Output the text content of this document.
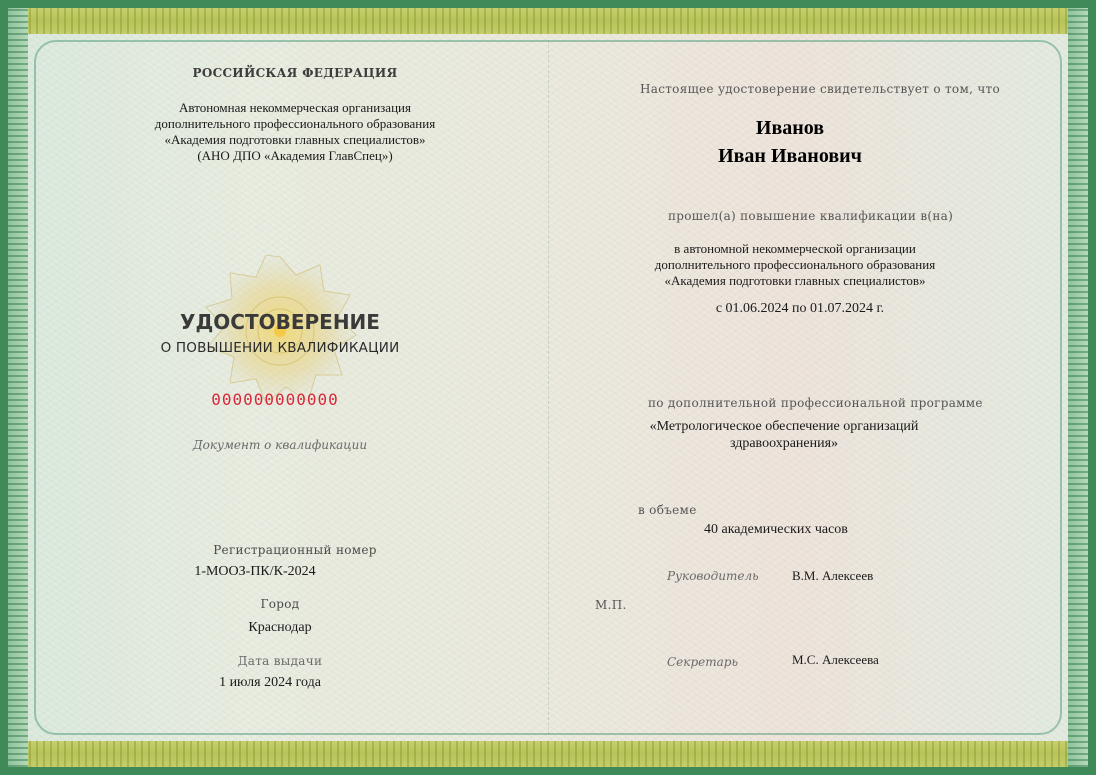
РОССИЙСКАЯ ФЕДЕРАЦИЯ
Автономная некоммерческая организация
дополнительного профессионального образования
«Академия подготовки главных специалистов»
(АНО ДПО «Академия ГлавСпец»)
УДОСТОВЕРЕНИЕ
О ПОВЫШЕНИИ КВАЛИФИКАЦИИ
000000000000
Документ о квалификации
Регистрационный номер
1-МООЗ-ПК/К-2024
Город
Краснодар
Дата выдачи
1 июля 2024 года
Настоящее удостоверение свидетельствует о том, что
Иванов
Иван Иванович
прошел(а) повышение квалификации в(на)
в автономной некоммерческой организации
дополнительного профессионального образования
«Академия подготовки главных специалистов»
с 01.06.2024 по 01.07.2024 г.
по дополнительной профессиональной программе
«Метрологическое обеспечение организаций
здравоохранения»
в объеме
40 академических часов
Руководитель	В.М. Алексеев
М.П.
Секретарь	М.С. Алексеева
